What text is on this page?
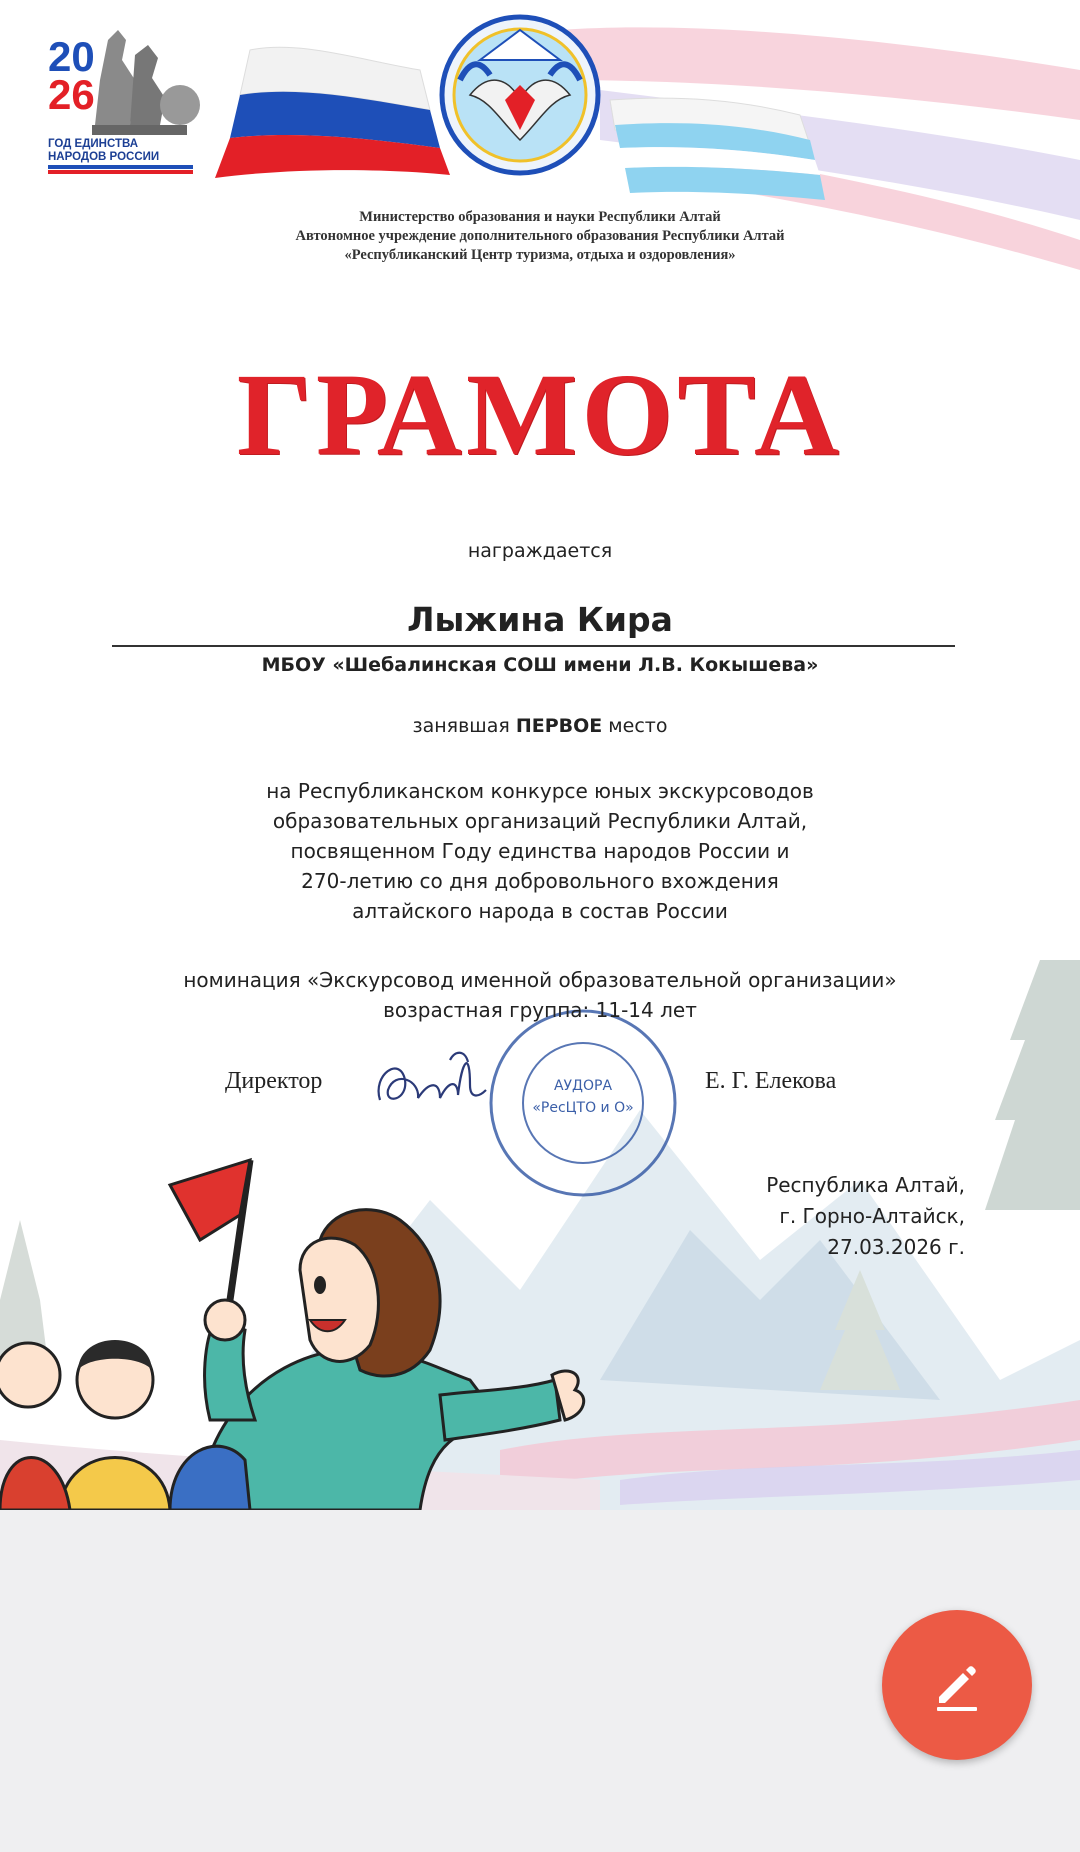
20
26
ГОД ЕДИНСТВА
НАРОДОВ РОССИИ
Министерство образования и науки Республики Алтай
Автономное учреждение дополнительного образования Республики Алтай
«Республиканский Центр туризма, отдыха и оздоровления»
ГРАМОТА
награждается
Лыжина Кира
МБОУ «Шебалинская СОШ имени Л.В. Кокышева»
занявшая ПЕРВОЕ место
на Республиканском конкурсе юных экскурсоводов
образовательных организаций Республики Алтай,
посвященном Году единства народов России и
270-летию со дня добровольного вхождения
алтайского народа в состав России
номинация «Экскурсовод именной образовательной организации»
возрастная группа: 11-14 лет
Директор	Е. Г. Елекова
АУДОРА
«РесЦТО и О»
Республика Алтай,
г. Горно-Алтайск,
27.03.2026 г.
